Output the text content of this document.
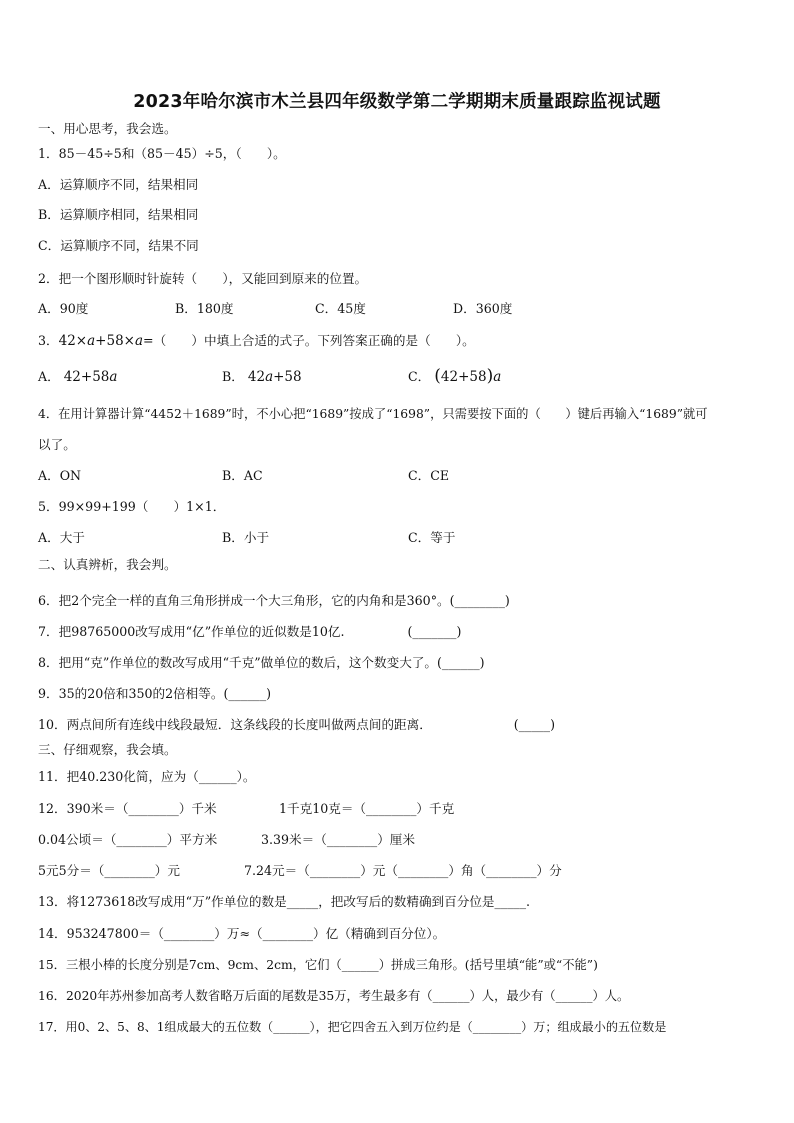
2023年哈尔滨市木兰县四年级数学第二学期期末质量跟踪监视试题
一、用心思考，我会选。
1．85－45÷5和（85－45）÷5，（　　）。
A．运算顺序不同，结果相同
B．运算顺序相同，结果相同
C．运算顺序不同，结果不同
2．把一个图形顺时针旋转（　　），又能回到原来的位置。
A．90度	B．180度	C．45度	D．360度
3．42×a+58×a=（　　）中填上合适的式子。下列答案正确的是（　　）。
A． 42+58a	B． 42a+58	C． (42+58)a
4．在用计算器计算“4452＋1689”时，不小心把“1689”按成了“1698”，只需要按下面的（　　）键后再输入“1689”就可
以了。
A．ON	B．AC	C．CE
5．99×99+199（　　）1×1．
A．大于	B．小于	C．等于
二、认真辨析，我会判。
6．把2个完全一样的直角三角形拼成一个大三角形，它的内角和是360°。(________)
7．把98765000改写成用“亿”作单位的近似数是10亿.　　　　　(_______)
8．把用“克”作单位的数改写成用“千克”做单位的数后，这个数变大了。(______)
9．35的20倍和350的2倍相等。(______)
10．两点间所有连线中线段最短．这条线段的长度叫做两点间的距离．　　　　　　　(_____)
三、仔细观察，我会填。
11．把40.230化简，应为（______）。
12．390米＝（________）千米	1千克10克＝（________）千克
0.04公顷＝（________）平方米	3.39米＝（________）厘米
5元5分＝（________）元	7.24元＝（________）元（________）角（________）分
13．将1273618改写成用“万”作单位的数是_____，把改写后的数精确到百分位是_____.
14．953247800＝（________）万≈（________）亿（精确到百分位）。
15．三根小棒的长度分别是7cm、9cm、2cm，它们（______）拼成三角形。(括号里填“能”或“不能”)
16．2020年苏州参加高考人数省略万后面的尾数是35万，考生最多有（______）人，最少有（______）人。
17．用0、2、5、8、1组成最大的五位数（______），把它四舍五入到万位约是（________）万；组成最小的五位数是
